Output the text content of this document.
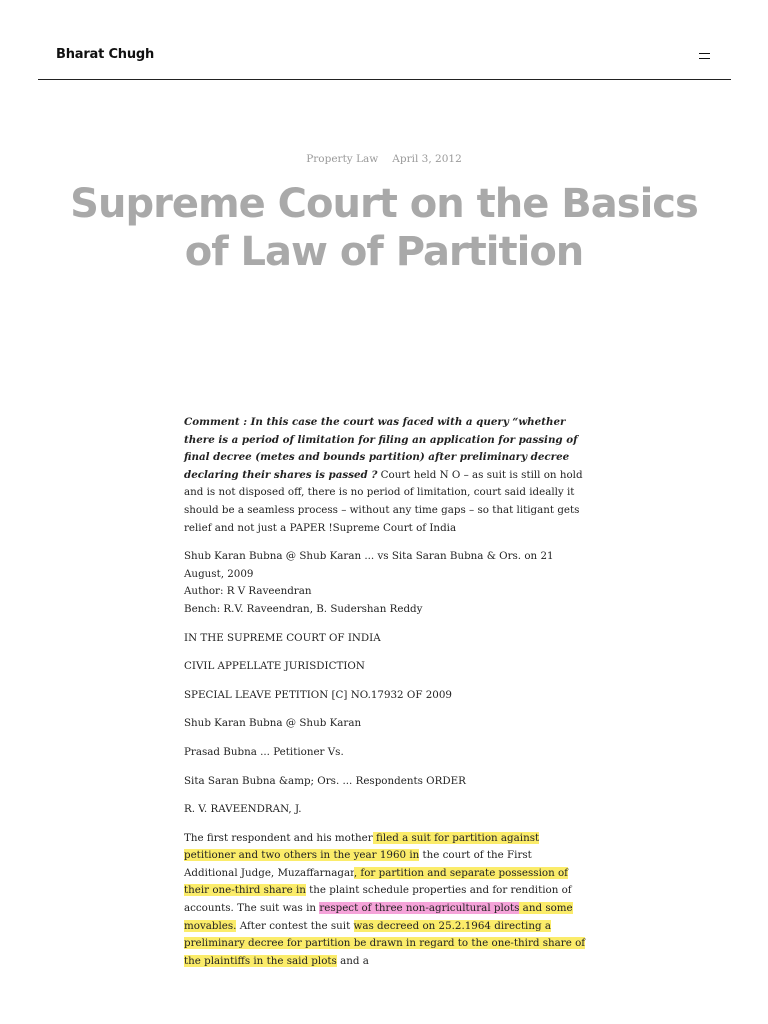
Bharat Chugh
Property Law April 3, 2012
Supreme Court on the Basics
of Law of Partition

Comment : In this case the court was faced with a query “whether there is a period of limitation for filing an application for passing of final decree (metes and bounds partition) after preliminary decree declaring their shares is passed ? Court held N O – as suit is still on hold and is not disposed off, there is no period of limitation, court said ideally it should be a seamless process – without any time gaps – so that litigant gets relief and not just a PAPER !Supreme Court of India

Shub Karan Bubna @ Shub Karan ... vs Sita Saran Bubna & Ors. on 21 August, 2009
Author: R V Raveendran
Bench: R.V. Raveendran, B. Sudershan Reddy

IN THE SUPREME COURT OF INDIA

CIVIL APPELLATE JURISDICTION

SPECIAL LEAVE PETITION [C] NO.17932 OF 2009

Shub Karan Bubna @ Shub Karan

Prasad Bubna ... Petitioner Vs.

Sita Saran Bubna &amp; Ors. ... Respondents ORDER

R. V. RAVEENDRAN, J.

The first respondent and his mother filed a suit for partition against petitioner and two others in the year 1960 in the court of the First Additional Judge, Muzaffarnagar, for partition and separate possession of their one-third share in the plaint schedule properties and for rendition of accounts. The suit was in respect of three non-agricultural plots and some movables. After contest the suit was decreed on 25.2.1964 directing a preliminary decree for partition be drawn in regard to the one-third share of the plaintiffs in the said plots and a
